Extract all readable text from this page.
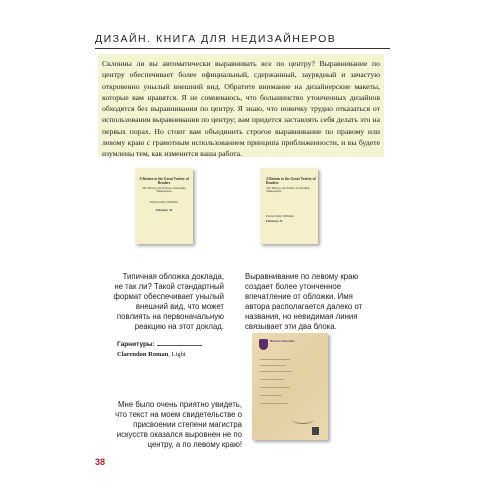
ДИЗАЙН. КНИГА ДЛЯ НЕДИЗАЙНЕРОВ
Склонны ли вы автоматически выравнивать все по центру? Выравнивание по центру обеспечивает более официальный, сдержанный, заурядный и зачастую откровенно унылый внешний вид. Обратите внимание на дизайнерские макеты, которые вам нравятся. Я не сомневаюсь, что большинство утонченных дизайнов обходятся без выравнивания по центру. Я знаю, что новичку трудно отказаться от использования выравнивания по центру; вам придется заставлять себя делать это на первых порах. Но стоит вам объединить строгое выравнивание по правому или левому краю с грамотным использованием принципа приближенности, и вы будете изумлены тем, как изменится ваша работа.
A Return to the Great Variety of Readers
The History and Future of Reading Shakespeare
Patricia May Williams
February 24
A Return to the Great Variety of Readers
The History and Future of Reading Shakespeare
Patricia May Williams
February 24
Типичная обложка доклада, не так ли? Такой стандартный формат обеспечивает унылый внешний вид, что может повлиять на первоначальную реакцию на этот доклад.
Выравнивание по левому краю создает более утонченное впечатление от обложки. Имя автора располагается далеко от названия, но невидимая линия связывает эти два блока.
Гарнитуры:
Clarendon Roman, Light
Bristol University
Мне было очень приятно увидеть, что текст на моем свидетельстве о присвоении степени магистра искусств оказался выровнен не по центру, а по левому краю!
38
